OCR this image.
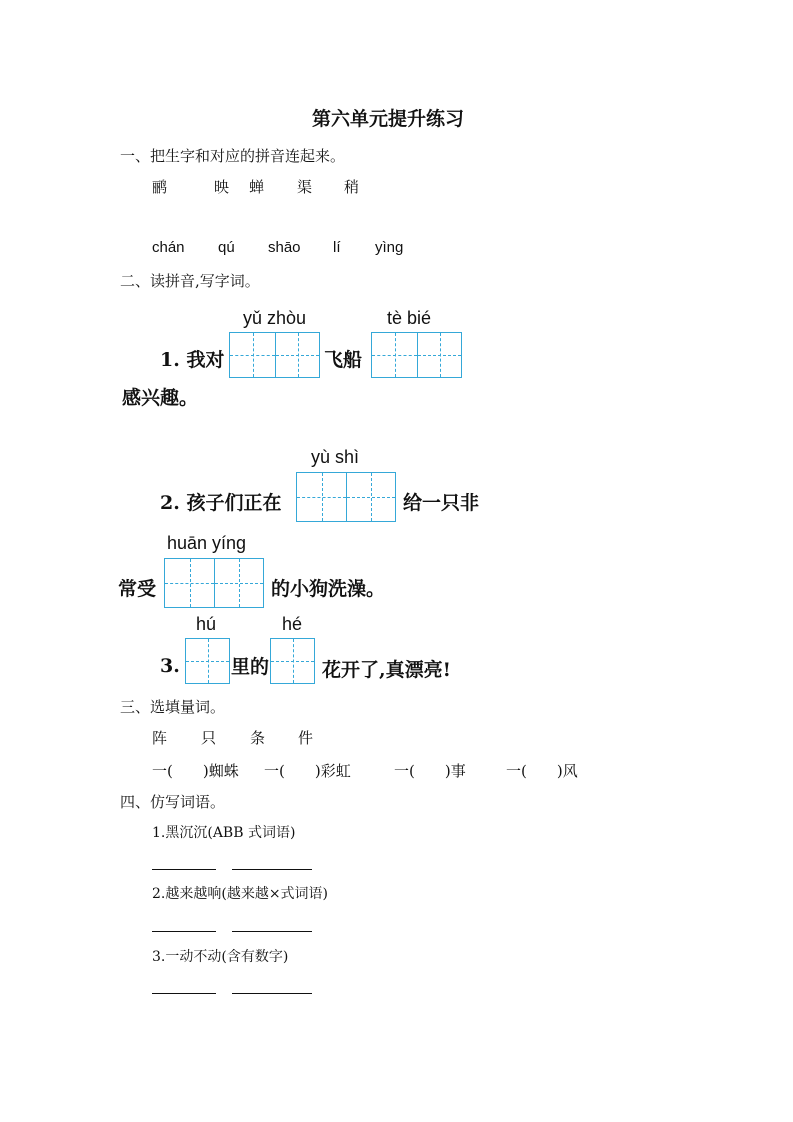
第六单元提升练习
一、把生字和对应的拼音连起来。
鹂	映 蝉 渠 稍
chán qú shāo lí yìng
二、读拼音,写字词。
yǔ zhòu	tè bié
1. 我对	飞船
感兴趣。
yù shì
2. 孩子们正在	给一只非
huān yíng
常受	的小狗洗澡。
hú	hé
3.	里的	花开了,真漂亮!
三、选填量词。
阵 只 条 件
一(　　)蜘蛛 一(　　)彩虹	一(　　)事	一(　　)风
四、仿写词语。
1.黑沉沉(ABB 式词语)
2.越来越响(越来越×式词语)
3.一动不动(含有数字)
